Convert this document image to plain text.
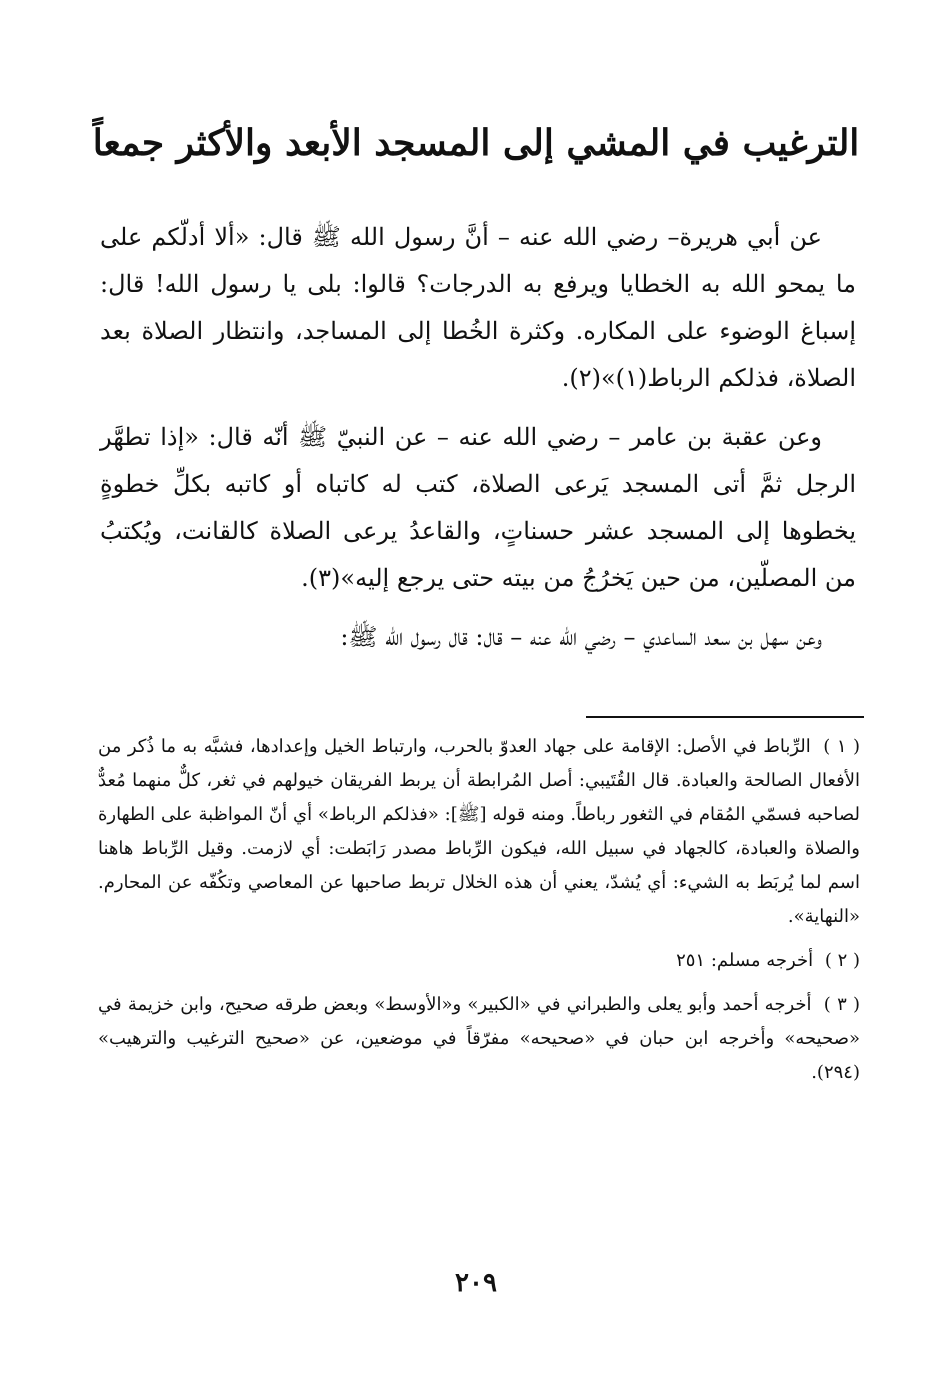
الترغيب في المشي إلى المسجد الأبعد والأكثر جمعاً

عن أبي هريرة– رضي الله عنه – أنَّ رسول الله ﷺ قال: «ألا أدلّكم على ما يمحو الله به الخطايا ويرفع به الدرجات؟ قالوا: بلى يا رسول الله! قال: إسباغ الوضوء على المكاره. وكثرة الخُطا إلى المساجد، وانتظار الصلاة بعد الصلاة، فذلكم الرباط(١)»(٢).

وعن عقبة بن عامر – رضي الله عنه – عن النبيّ ﷺ أنّه قال: «إذا تطهَّر الرجل ثمَّ أتى المسجد يَرعى الصلاة، كتب له كاتباه أو كاتبه بكلِّ خطوةٍ يخطوها إلى المسجد عشر حسناتٍ، والقاعدُ يرعى الصلاة كالقانت، ويُكتبُ من المصلّين، من حين يَخرُجُ من بيته حتى يرجع إليه»(٣).

وعن سهل بن سعد الساعدي – رضي الله عنه – قال: قال رسول الله ﷺ:

( ١ ) الرِّباط في الأصل: الإقامة على جهاد العدوّ بالحرب، وارتباط الخيل وإعدادها، فشبَّه به ما ذُكر من الأفعال الصالحة والعبادة. قال القُتَيبي: أصل المُرابطة أن يربط الفريقان خيولهم في ثغر، كلٌّ منهما مُعدٌّ لصاحبه فسمّي المُقام في الثغور رباطاً. ومنه قوله [ﷺ]: «فذلكم الرباط» أي أنّ المواظبة على الطهارة والصلاة والعبادة، كالجهاد في سبيل الله، فيكون الرِّباط مصدر رَابَطت: أي لازمت. وقيل الرِّباط هاهنا اسم لما يُربَط به الشيء: أي يُشدّ، يعني أن هذه الخلال تربط صاحبها عن المعاصي وتكُفّه عن المحارم. «النهاية».

( ٢ ) أخرجه مسلم: ٢٥١

( ٣ ) أخرجه أحمد وأبو يعلى والطبراني في «الكبير» و«الأوسط» وبعض طرقه صحيح، وابن خزيمة في «صحيحه» وأخرجه ابن حبان في «صحيحه» مفرّقاً في موضعين، عن «صحيح الترغيب والترهيب» (٢٩٤).

٢٠٩
